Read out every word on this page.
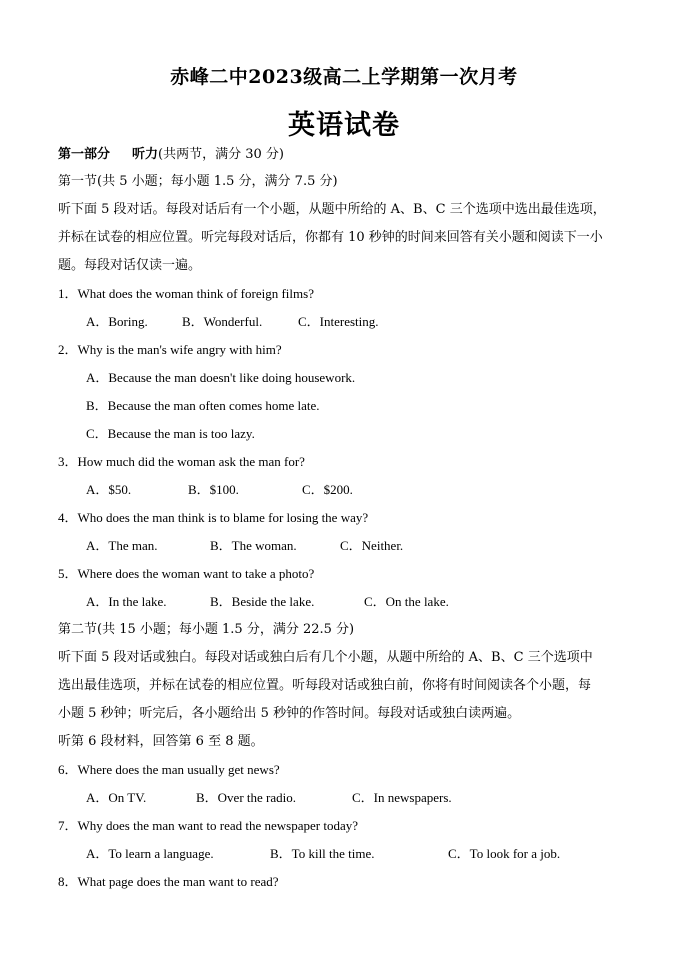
赤峰二中2023级高二上学期第一次月考
英语试卷
第一部分 听力(共两节，满分 30 分)
第一节(共 5 小题；每小题 1.5 分，满分 7.5 分)
听下面 5 段对话。每段对话后有一个小题，从题中所给的 A、B、C 三个选项中选出最佳选项，
并标在试卷的相应位置。听完每段对话后，你都有 10 秒钟的时间来回答有关小题和阅读下一小
题。每段对话仅读一遍。
1．What does the woman think of foreign films?
A．Boring.	B．Wonderful.	C．Interesting.
2．Why is the man's wife angry with him?
A．Because the man doesn't like doing housework.
B．Because the man often comes home late.
C．Because the man is too lazy.
3．How much did the woman ask the man for?
A．$50.	B．$100.	C．$200.
4．Who does the man think is to blame for losing the way?
A．The man.	B．The woman.	C．Neither.
5．Where does the woman want to take a photo?
A．In the lake.	B．Beside the lake.	C．On the lake.
第二节(共 15 小题；每小题 1.5 分，满分 22.5 分)
听下面 5 段对话或独白。每段对话或独白后有几个小题，从题中所给的 A、B、C 三个选项中
选出最佳选项，并标在试卷的相应位置。听每段对话或独白前，你将有时间阅读各个小题，每
小题 5 秒钟；听完后，各小题给出 5 秒钟的作答时间。每段对话或独白读两遍。
听第 6 段材料，回答第 6 至 8 题。
6．Where does the man usually get news?
A．On TV.	B．Over the radio.	C．In newspapers.
7．Why does the man want to read the newspaper today?
A．To learn a language.	B．To kill the time.	C．To look for a job.
8．What page does the man want to read?
